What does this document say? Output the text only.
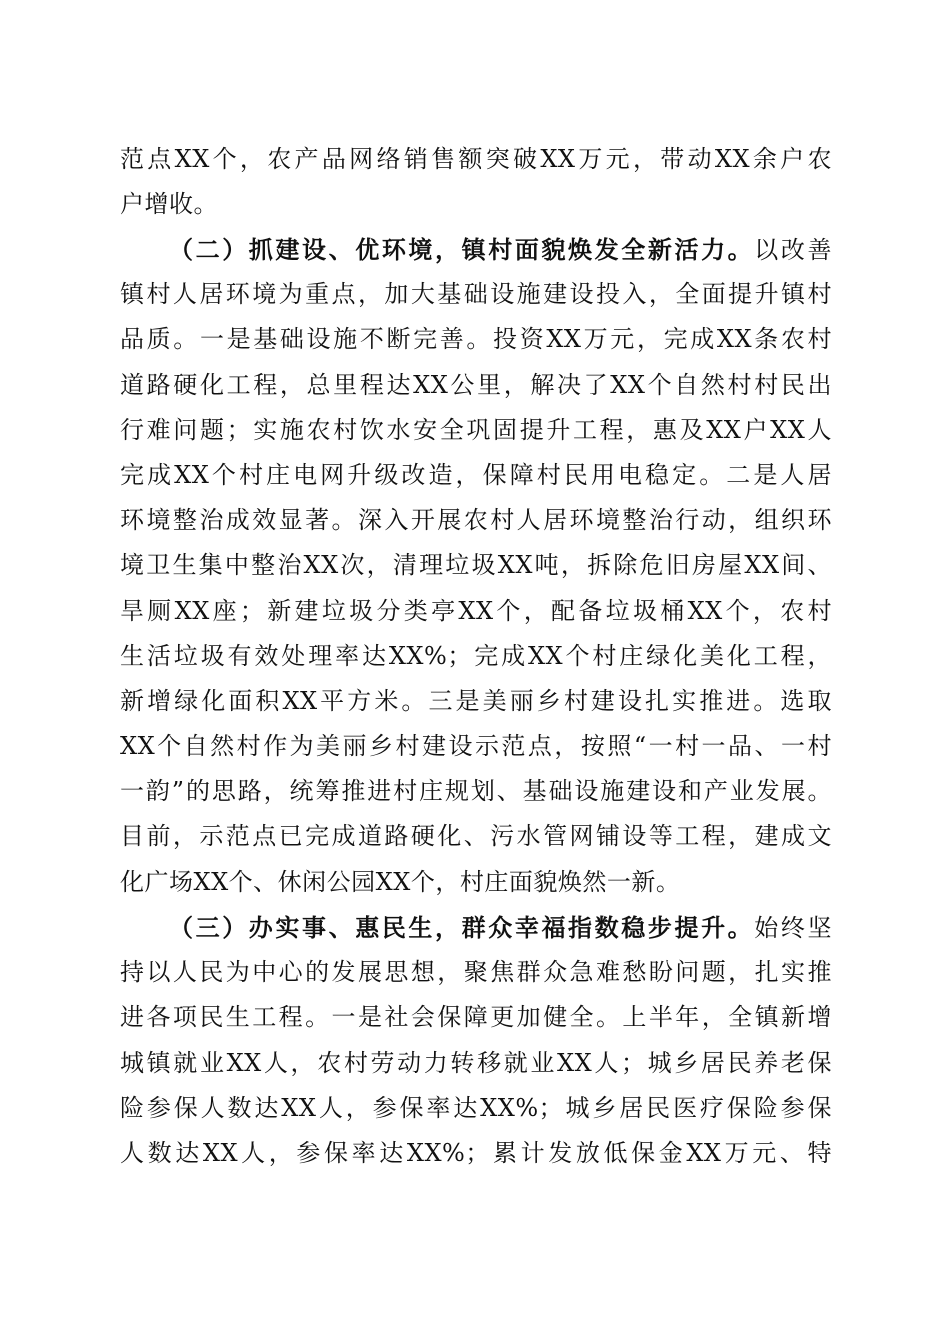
范点XX个，农产品网络销售额突破XX万元，带动XX余户农
户增收。
（二）抓建设、优环境，镇村面貌焕发全新活力。以改善
镇村人居环境为重点，加大基础设施建设投入，全面提升镇村
品质。一是基础设施不断完善。投资XX万元，完成XX条农村
道路硬化工程，总里程达XX公里，解决了XX个自然村村民出
行难问题；实施农村饮水安全巩固提升工程，惠及XX户XX人
完成XX个村庄电网升级改造，保障村民用电稳定。二是人居
环境整治成效显著。深入开展农村人居环境整治行动，组织环
境卫生集中整治XX次，清理垃圾XX吨，拆除危旧房屋XX间、
旱厕XX座；新建垃圾分类亭XX个，配备垃圾桶XX个，农村
生活垃圾有效处理率达XX%；完成XX个村庄绿化美化工程，
新增绿化面积XX平方米。三是美丽乡村建设扎实推进。选取
XX个自然村作为美丽乡村建设示范点，按照“一村一品、一村
一韵”的思路，统筹推进村庄规划、基础设施建设和产业发展。
目前，示范点已完成道路硬化、污水管网铺设等工程，建成文
化广场XX个、休闲公园XX个，村庄面貌焕然一新。
（三）办实事、惠民生，群众幸福指数稳步提升。始终坚
持以人民为中心的发展思想，聚焦群众急难愁盼问题，扎实推
进各项民生工程。一是社会保障更加健全。上半年，全镇新增
城镇就业XX人，农村劳动力转移就业XX人；城乡居民养老保
险参保人数达XX人，参保率达XX%；城乡居民医疗保险参保
人数达XX人，参保率达XX%；累计发放低保金XX万元、特
